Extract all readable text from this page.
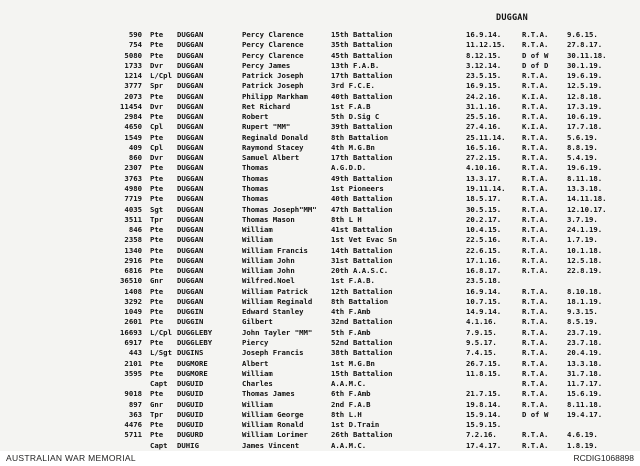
DUGGAN
590 Pte	DUGGAN	Percy Clarence	15th Battalion	16.9.14.	R.T.A.	9.6.15.
754 Pte	DUGGAN	Percy Clarence	35th Battalion	11.12.15.	R.T.A.	27.8.17.
5080 Pte	DUGGAN	Percy Clarence	45th Battalion	8.12.15.	D of W	30.11.18.
1733 Dvr	DUGGAN	Percy James	13th F.A.B.	3.12.14.	D of D	30.1.19.
1214 L/Cpl DUGGAN	Patrick Joseph	17th Battalion	23.5.15.	R.T.A.	19.6.19.
3777 Spr	DUGGAN	Patrick Joseph	3rd F.C.E.	16.9.15.	R.T.A.	12.5.19.
2073 Pte	DUGGAN	Philipp Markham	40th Battalion	24.2.16.	K.I.A.	12.8.18.
11454 Dvr	DUGGAN	Ret Richard	1st F.A.B	31.1.16.	R.T.A.	17.3.19.
2984 Pte	DUGGAN	Robert	5th D.Sig C	25.5.16.	R.T.A.	10.6.19.
4650 Cpl	DUGGAN	Rupert "MM"	39th Battalion	27.4.16.	K.I.A.	17.7.18.
1549 Pte	DUGGAN	Reginald Donald	8th Battalion	25.11.14.	R.T.A.	5.6.19.
409 Cpl	DUGGAN	Raymond Stacey	4th M.G.Bn	16.5.16.	R.T.A.	8.8.19.
860 Dvr	DUGGAN	Samuel Albert	17th Battalion	27.2.15.	R.T.A.	5.4.19.
2307 Pte	DUGGAN	Thomas	A.G.D.D.	4.10.16.	R.T.A.	19.6.19.
3763 Pte	DUGGAN	Thomas	49th Battalion	13.3.17.	R.T.A.	8.11.18.
4980 Pte	DUGGAN	Thomas	1st Pioneers	19.11.14.	R.T.A.	13.3.18.
7719 Pte	DUGGAN	Thomas	40th Battalion	18.5.17.	R.T.A.	14.11.18.
4035 Sgt	DUGGAN	Thomas Joseph"MM"	47th Battalion	30.5.15.	R.T.A.	12.10.17.
3511 Tpr	DUGGAN	Thomas Mason	8th L H	20.2.17.	R.T.A.	3.7.19.
846 Pte	DUGGAN	William	41st Battalion	10.4.15.	R.T.A.	24.1.19.
2358 Pte	DUGGAN	William	1st Vet Evac Sn	22.5.16.	R.T.A.	1.7.19.
1340 Pte	DUGGAN	William Francis	14th Battalion	22.6.15.	R.T.A.	10.1.18.
2916 Pte	DUGGAN	William John	31st Battalion	17.1.16.	R.T.A.	12.5.18.
6816 Pte	DUGGAN	William John	20th A.A.S.C.	16.8.17.	R.T.A.	22.8.19.
36510 Gnr	DUGGAN	Wilfred.Noel	1st F.A.B.	23.5.18.
1408 Pte	DUGGAN	William Patrick	12th Battalion	16.9.14.	R.T.A.	8.10.18.
3292 Pte	DUGGAN	William Reginald	8th Battalion	10.7.15.	R.T.A.	18.1.19.
1049 Pte	DUGGIN	Edward Stanley	4th F.Amb	14.9.14.	R.T.A.	9.3.15.
2601 Pte	DUGGIN	Gilbert	32nd Battalion	4.1.16.	R.T.A.	8.5.19.
16693 L/Cpl DUGGLEBY	John Tayler "MM"	5th F.Amb	7.9.15.	R.T.A.	23.7.19.
6917 Pte	DUGGLEBY	Piercy	52nd Battalion	9.5.17.	R.T.A.	23.7.18.
443 L/Sgt DUGINS	Joseph Francis	38th Battalion	7.4.15.	R.T.A.	20.4.19.
2101 Pte	DUGMORE	Albert	1st M.G.Bn	26.7.15.	R.T.A.	13.3.18.
3595 Pte	DUGMORE	William	15th Battalion	11.8.15.	R.T.A.	31.7.18.
Capt	DUGUID	Charles	A.A.M.C.	R.T.A.	11.7.17.
9018 Pte	DUGUID	Thomas James	6th F.Amb	21.7.15.	R.T.A.	15.6.19.
897 Gnr	DUGUID	William	2nd F.A.B	19.8.14.	R.T.A.	8.11.18.
363 Tpr	DUGUID	William George	8th L.H	15.9.14.	D of W	19.4.17.
4476 Pte	DUGUID	William Ronald	1st D.Train	15.9.15.
5711 Pte	DUGURD	William Lorimer	26th Battalion	7.2.16.	R.T.A.	4.6.19.
Capt	DUHIG	James Vincent	A.A.M.C.	17.4.17.	R.T.A.	1.8.19.
AUSTRALIAN WAR MEMORIAL	RCDIG1068898
